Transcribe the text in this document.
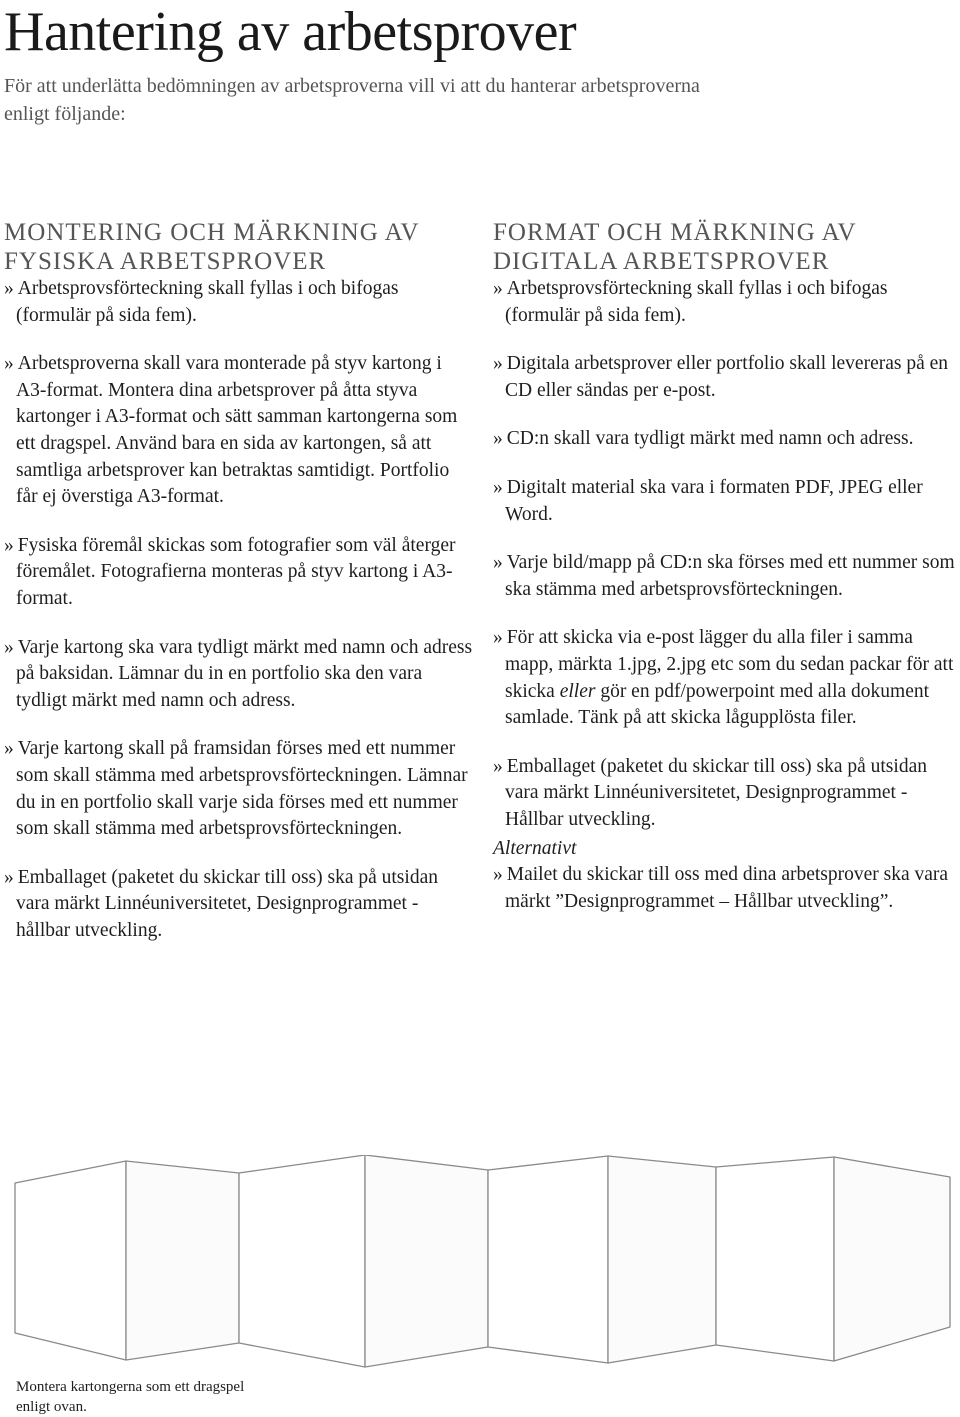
Hantering av arbetsprover

För att underlätta bedömningen av arbetsproverna vill vi att du hanterar arbetsproverna enligt följande:

MONTERING OCH MÄRKNING AV
FYSISKA ARBETSPROVER

» Arbetsprovsförteckning skall fyllas i och bifogas (formulär på sida fem).

» Arbetsproverna skall vara monterade på styv kartong i A3-format. Montera dina arbetsprover på åtta styva kartonger i A3-format och sätt samman kartongerna som ett dragspel. Använd bara en sida av kartongen, så att samtliga arbetsprover kan betraktas samtidigt. Portfolio får ej överstiga A3-format.

» Fysiska föremål skickas som fotografier som väl återger föremålet. Fotografierna monteras på styv kartong i A3-format.

» Varje kartong ska vara tydligt märkt med namn och adress på baksidan. Lämnar du in en portfolio ska den vara tydligt märkt med namn och adress.

» Varje kartong skall på framsidan förses med ett nummer som skall stämma med arbetsprovsförteckningen. Lämnar du in en portfolio skall varje sida förses med ett nummer som skall stämma med arbetsprovsförteckningen.

» Emballaget (paketet du skickar till oss) ska på utsidan vara märkt Linnéuniversitetet, Designprogrammet - hållbar utveckling.

FORMAT OCH MÄRKNING AV
DIGITALA ARBETSPROVER

» Arbetsprovsförteckning skall fyllas i och bifogas (formulär på sida fem).

» Digitala arbetsprover eller portfolio skall levereras på en CD eller sändas per e-post.

» CD:n skall vara tydligt märkt med namn och adress.

» Digitalt material ska vara i formaten PDF, JPEG eller Word.

» Varje bild/mapp på CD:n ska förses med ett nummer som ska stämma med arbetsprovsförteckningen.

» För att skicka via e-post lägger du alla filer i samma mapp, märkta 1.jpg, 2.jpg etc som du sedan packar för att skicka eller gör en pdf/powerpoint med alla dokument samlade. Tänk på att skicka lågupplösta filer.

» Emballaget (paketet du skickar till oss) ska på utsidan vara märkt Linnéuniversitetet, Designprogrammet - Hållbar utveckling.

Alternativt

» Mailet du skickar till oss med dina arbetsprover ska vara märkt ”Designprogrammet – Hållbar utveckling”.

Montera kartongerna som ett dragspel enligt ovan.
